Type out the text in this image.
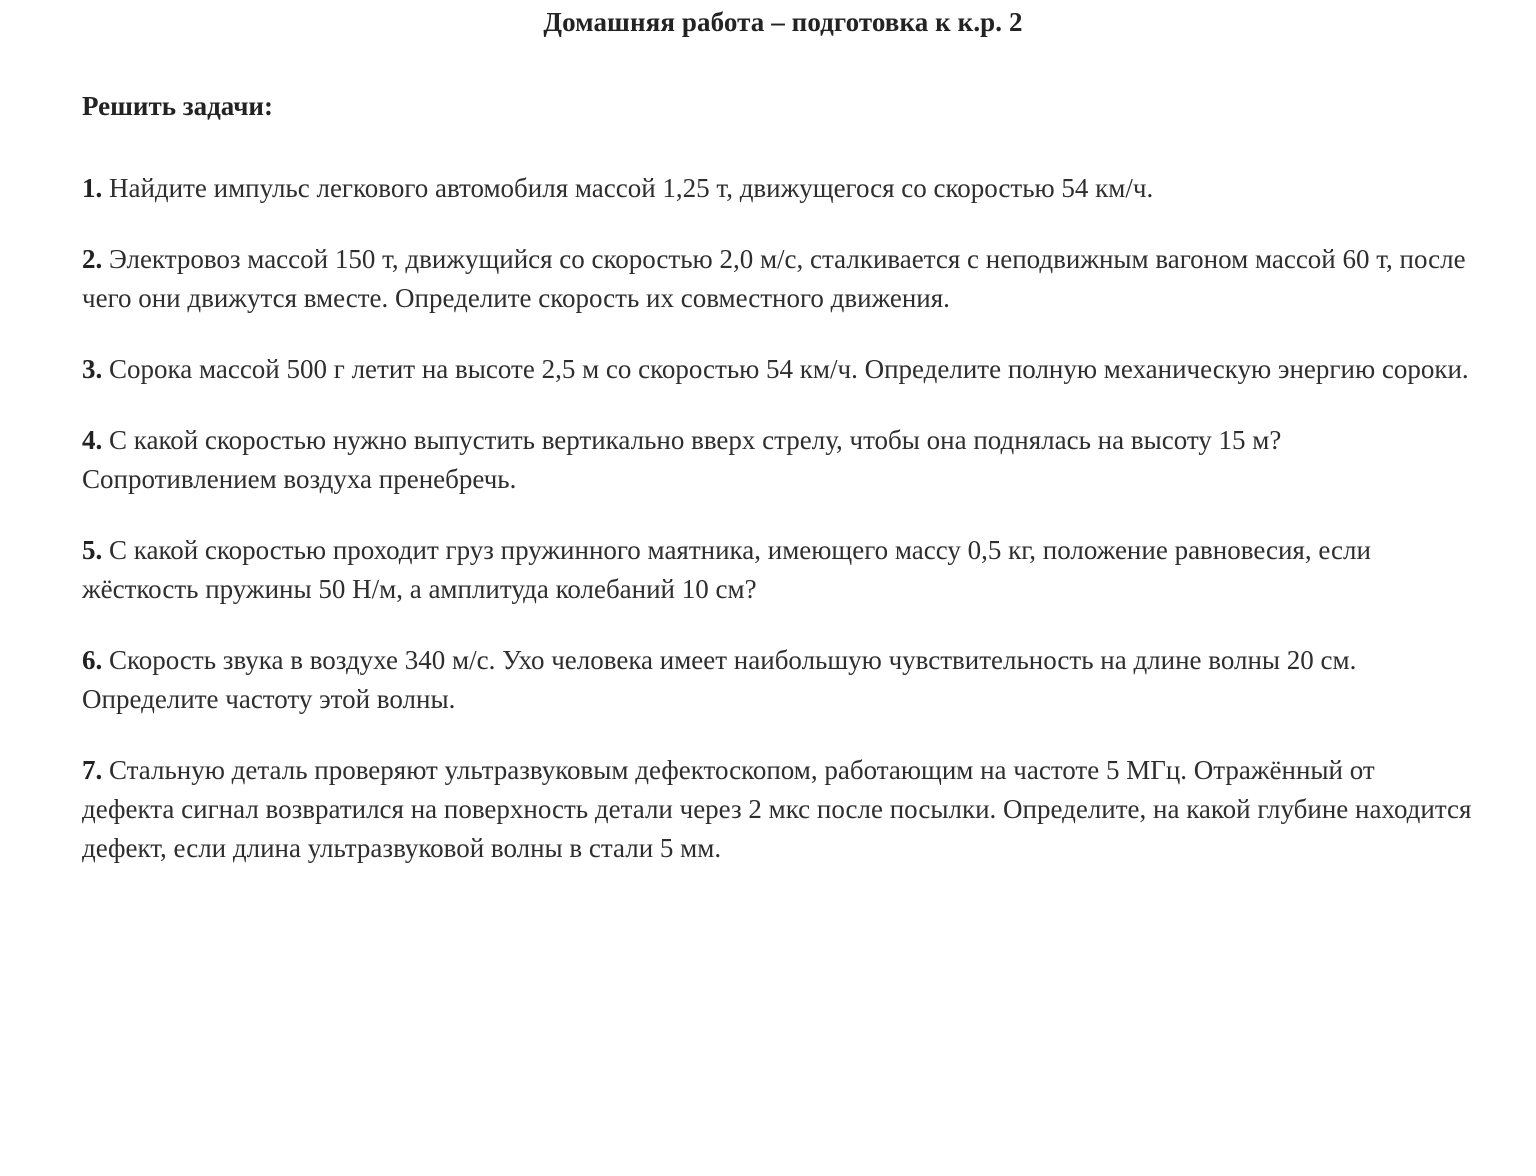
Домашняя работа – подготовка к к.р. 2

Решить задачи:

1. Найдите импульс легкового автомобиля массой 1,25 т, движущегося со скоростью 54 км/ч.

2. Электровоз массой 150 т, движущийся со скоростью 2,0 м/с, сталкивается с неподвижным вагоном массой 60 т, после чего они движутся вместе. Определите скорость их совместного движения.

3. Сорока массой 500 г летит на высоте 2,5 м со скоростью 54 км/ч. Определите полную механическую энергию сороки.

4. С какой скоростью нужно выпустить вертикально вверх стрелу, чтобы она поднялась на высоту 15 м? Сопротивлением воздуха пренебречь.

5. С какой скоростью проходит груз пружинного маятника, имеющего массу 0,5 кг, положение равновесия, если жёсткость пружины 50 Н/м, а амплитуда колебаний 10 см?

6. Скорость звука в воздухе 340 м/с. Ухо человека имеет наибольшую чувствительность на длине волны 20 см. Определите частоту этой волны.

7. Стальную деталь проверяют ультразвуковым дефектоскопом, работающим на частоте 5 МГц. Отражённый от дефекта сигнал возвратился на поверхность детали через 2 мкс после посылки. Определите, на какой глубине находится дефект, если длина ультразвуковой волны в стали 5 мм.
